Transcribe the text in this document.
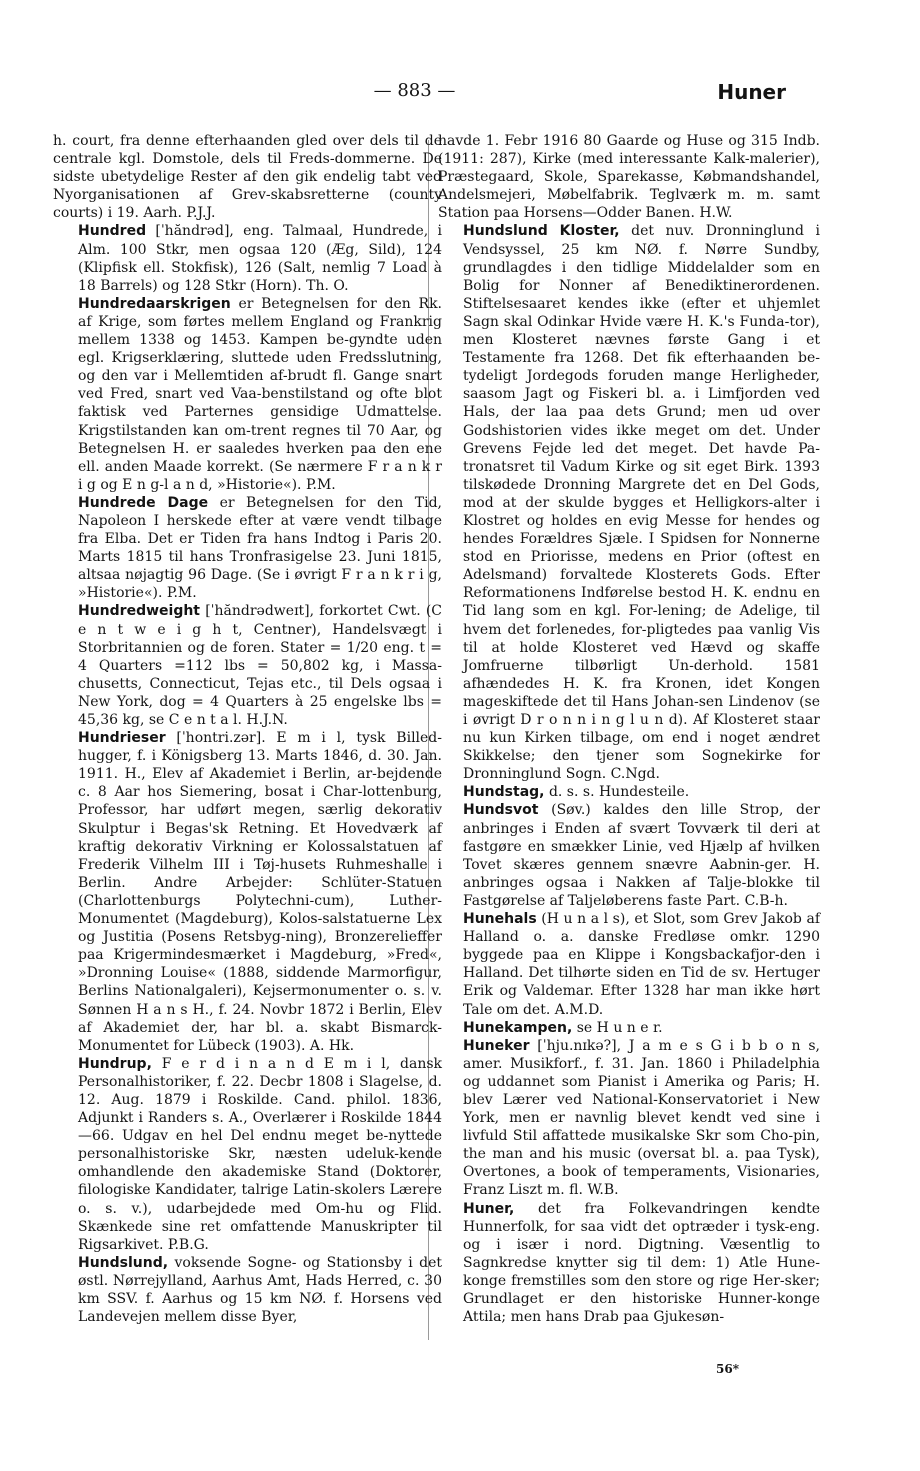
— 883 —	Huner

h. court, fra denne efterhaanden gled over dels til de centrale kgl. Domstole, dels til Freds-dommerne. De sidste ubetydelige Rester af den gik endelig tabt ved Nyorganisationen af Grev-skabsretterne (county courts) i 19. Aarh. P.J.J.

Hundred [ˈhăndrəd], eng. Talmaal, Hundrede, i Alm. 100 Stkr, men ogsaa 120 (Æg, Sild), 124 (Klipfisk ell. Stokfisk), 126 (Salt, nemlig 7 Load à 18 Barrels) og 128 Stkr (Horn). Th. O.

Hundredaarskrigen er Betegnelsen for den Rk. af Krige, som førtes mellem England og Frankrig mellem 1338 og 1453. Kampen be-gyndte uden egl. Krigserklæring, sluttede uden Fredsslutning, og den var i Mellemtiden af-brudt fl. Gange snart ved Fred, snart ved Vaa-benstilstand og ofte blot faktisk ved Parternes gensidige Udmattelse. Krigstilstanden kan om-trent regnes til 70 Aar, og Betegnelsen H. er saaledes hverken paa den ene ell. anden Maade korrekt. (Se nærmere F r a n k r i g og E n g-l a n d, »Historie«). P.M.

Hundrede Dage er Betegnelsen for den Tid, Napoleon I herskede efter at være vendt tilbage fra Elba. Det er Tiden fra hans Indtog i Paris 20. Marts 1815 til hans Tronfrasigelse 23. Juni 1815, altsaa nøjagtig 96 Dage. (Se i øvrigt F r a n k r i g, »Historie«). P.M.

Hundredweight [ˈhăndrədweɪt], forkortet Cwt. (C e n t w e i g h t, Centner), Handelsvægt i Storbritannien og de foren. Stater = 1/20 eng. t = 4 Quarters =112 lbs = 50,802 kg, i Massa-chusetts, Connecticut, Tejas etc., til Dels ogsaa i New York, dog = 4 Quarters à 25 engelske lbs = 45,36 kg, se C e n t a l. H.J.N.

Hundrieser [ˈhontri.zər]. E m i l, tysk Billed-hugger, f. i Königsberg 13. Marts 1846, d. 30. Jan. 1911. H., Elev af Akademiet i Berlin, ar-bejdende c. 8 Aar hos Siemering, bosat i Char-lottenburg, Professor, har udført megen, særlig dekorativ Skulptur i Begas'sk Retning. Et Hovedværk af kraftig dekorativ Virkning er Kolossalstatuen af Frederik Vilhelm III i Tøj-husets Ruhmeshalle i Berlin. Andre Arbejder: Schlüter-Statuen (Charlottenburgs Polytechni-cum), Luther-Monumentet (Magdeburg), Kolos-salstatuerne Lex og Justitia (Posens Retsbyg-ning), Bronzerelieffer paa Krigermindesmærket i Magdeburg, »Fred«, »Dronning Louise« (1888, siddende Marmorfigur, Berlins Nationalgaleri), Kejsermonumenter o. s. v. Sønnen H a n s H., f. 24. Novbr 1872 i Berlin, Elev af Akademiet der, har bl. a. skabt Bismarck-Monumentet for Lübeck (1903). A. Hk.

Hundrup, F e r d i n a n d E m i l, dansk Personalhistoriker, f. 22. Decbr 1808 i Slagelse, d. 12. Aug. 1879 i Roskilde. Cand. philol. 1836, Adjunkt i Randers s. A., Overlærer i Roskilde 1844—66. Udgav en hel Del endnu meget be-nyttede personalhistoriske Skr, næsten udeluk-kende omhandlende den akademiske Stand (Doktorer, filologiske Kandidater, talrige Latin-skolers Lærere o. s. v.), udarbejdede med Om-hu og Flid. Skænkede sine ret omfattende Manuskripter til Rigsarkivet. P.B.G.

Hundslund, voksende Sogne- og Stationsby i det østl. Nørrejylland, Aarhus Amt, Hads Herred, c. 30 km SSV. f. Aarhus og 15 km NØ. f. Horsens ved Landevejen mellem disse Byer,

havde 1. Febr 1916 80 Gaarde og Huse og 315 Indb. (1911: 287), Kirke (med interessante Kalk-malerier), Præstegaard, Skole, Sparekasse, Købmandshandel, Andelsmejeri, Møbelfabrik. Teglværk m. m. samt Station paa Horsens—Odder Banen. H.W.

Hundslund Kloster, det nuv. Dronninglund i Vendsyssel, 25 km NØ. f. Nørre Sundby, grundlagdes i den tidlige Middelalder som en Bolig for Nonner af Benediktinerordenen. Stiftelsesaaret kendes ikke (efter et uhjemlet Sagn skal Odinkar Hvide være H. K.'s Funda-tor), men Klosteret nævnes første Gang i et Testamente fra 1268. Det fik efterhaanden be-tydeligt Jordegods foruden mange Herligheder, saasom Jagt og Fiskeri bl. a. i Limfjorden ved Hals, der laa paa dets Grund; men ud over Godshistorien vides ikke meget om det. Under Grevens Fejde led det meget. Det havde Pa-tronatsret til Vadum Kirke og sit eget Birk. 1393 tilskødede Dronning Margrete det en Del Gods, mod at der skulde bygges et Helligkors-alter i Klostret og holdes en evig Messe for hendes og hendes Forældres Sjæle. I Spidsen for Nonnerne stod en Priorisse, medens en Prior (oftest en Adelsmand) forvaltede Klosterets Gods. Efter Reformationens Indførelse bestod H. K. endnu en Tid lang som en kgl. For-lening; de Adelige, til hvem det forlenedes, for-pligtedes paa vanlig Vis til at holde Klosteret ved Hævd og skaffe Jomfruerne tilbørligt Un-derhold. 1581 afhændedes H. K. fra Kronen, idet Kongen mageskiftede det til Hans Johan-sen Lindenov (se i øvrigt D r o n n i n g l u n d). Af Klosteret staar nu kun Kirken tilbage, om end i noget ændret Skikkelse; den tjener som Sognekirke for Dronninglund Sogn. C.Ngd.

Hundstag, d. s. s. Hundesteile.

Hundsvot (Søv.) kaldes den lille Strop, der anbringes i Enden af svært Tovværk til deri at fastgøre en smækker Linie, ved Hjælp af hvilken Tovet skæres gennem snævre Aabnin-ger. H. anbringes ogsaa i Nakken af Talje-blokke til Fastgørelse af Taljeløberens faste Part. C.B-h.

Hunehals (H u n a l s), et Slot, som Grev Jakob af Halland o. a. danske Fredløse omkr. 1290 byggede paa en Klippe i Kongsbackafjor-den i Halland. Det tilhørte siden en Tid de sv. Hertuger Erik og Valdemar. Efter 1328 har man ikke hørt Tale om det. A.M.D.

Hunekampen, se H u n e r.

Huneker [ˈhju.nɪkə?], J a m e s G i b b o n s, amer. Musikforf., f. 31. Jan. 1860 i Philadelphia og uddannet som Pianist i Amerika og Paris; H. blev Lærer ved National-Konservatoriet i New York, men er navnlig blevet kendt ved sine i livfuld Stil affattede musikalske Skr som Cho-pin, the man and his music (oversat bl. a. paa Tysk), Overtones, a book of temperaments, Visionaries, Franz Liszt m. fl. W.B.

Huner, det fra Folkevandringen kendte Hunnerfolk, for saa vidt det optræder i tysk-eng. og i især i nord. Digtning. Væsentlig to Sagnkredse knytter sig til dem: 1) Atle Hune-konge fremstilles som den store og rige Her-sker; Grundlaget er den historiske Hunner-konge Attila; men hans Drab paa Gjukesøn-

56*
